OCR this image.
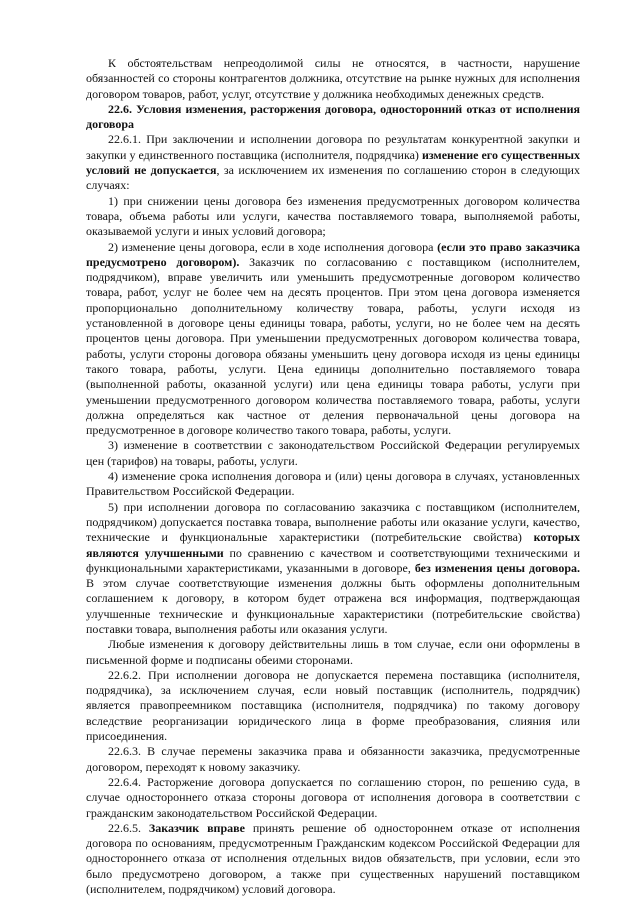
К обстоятельствам непреодолимой силы не относятся, в частности, нарушение обязанностей со стороны контрагентов должника, отсутствие на рынке нужных для исполнения договором товаров, работ, услуг, отсутствие у должника необходимых денежных средств.

22.6. Условия изменения, расторжения договора, односторонний отказ от исполнения договора

22.6.1. При заключении и исполнении договора по результатам конкурентной закупки и закупки у единственного поставщика (исполнителя, подрядчика) изменение его существенных условий не допускается, за исключением их изменения по соглашению сторон в следующих случаях:

1) при снижении цены договора без изменения предусмотренных договором количества товара, объема работы или услуги, качества поставляемого товара, выполняемой работы, оказываемой услуги и иных условий договора;

2) изменение цены договора, если в ходе исполнения договора (если это право заказчика предусмотрено договором). Заказчик по согласованию с поставщиком (исполнителем, подрядчиком), вправе увеличить или уменьшить предусмотренные договором количество товара, работ, услуг не более чем на десять процентов. При этом цена договора изменяется пропорционально дополнительному количеству товара, работы, услуги исходя из установленной в договоре цены единицы товара, работы, услуги, но не более чем на десять процентов цены договора. При уменьшении предусмотренных договором количества товара, работы, услуги стороны договора обязаны уменьшить цену договора исходя из цены единицы такого товара, работы, услуги. Цена единицы дополнительно поставляемого товара (выполненной работы, оказанной услуги) или цена единицы товара работы, услуги при уменьшении предусмотренного договором количества поставляемого товара, работы, услуги должна определяться как частное от деления первоначальной цены договора на предусмотренное в договоре количество такого товара, работы, услуги.

3) изменение в соответствии с законодательством Российской Федерации регулируемых цен (тарифов) на товары, работы, услуги.

4) изменение срока исполнения договора и (или) цены договора в случаях, установленных Правительством Российской Федерации.

5) при исполнении договора по согласованию заказчика с поставщиком (исполнителем, подрядчиком) допускается поставка товара, выполнение работы или оказание услуги, качество, технические и функциональные характеристики (потребительские свойства) которых являются улучшенными по сравнению с качеством и соответствующими техническими и функциональными характеристиками, указанными в договоре, без изменения цены договора. В этом случае соответствующие изменения должны быть оформлены дополнительным соглашением к договору, в котором будет отражена вся информация, подтверждающая улучшенные технические и функциональные характеристики (потребительские свойства) поставки товара, выполнения работы или оказания услуги.

Любые изменения к договору действительны лишь в том случае, если они оформлены в письменной форме и подписаны обеими сторонами.

22.6.2. При исполнении договора не допускается перемена поставщика (исполнителя, подрядчика), за исключением случая, если новый поставщик (исполнитель, подрядчик) является правопреемником поставщика (исполнителя, подрядчика) по такому договору вследствие реорганизации юридического лица в форме преобразования, слияния или присоединения.

22.6.3. В случае перемены заказчика права и обязанности заказчика, предусмотренные договором, переходят к новому заказчику.

22.6.4. Расторжение договора допускается по соглашению сторон, по решению суда, в случае одностороннего отказа стороны договора от исполнения договора в соответствии с гражданским законодательством Российской Федерации.

22.6.5. Заказчик вправе принять решение об одностороннем отказе от исполнения договора по основаниям, предусмотренным Гражданским кодексом Российской Федерации для одностороннего отказа от исполнения отдельных видов обязательств, при условии, если это было предусмотрено договором, а также при существенных нарушений поставщиком (исполнителем, подрядчиком) условий договора.
